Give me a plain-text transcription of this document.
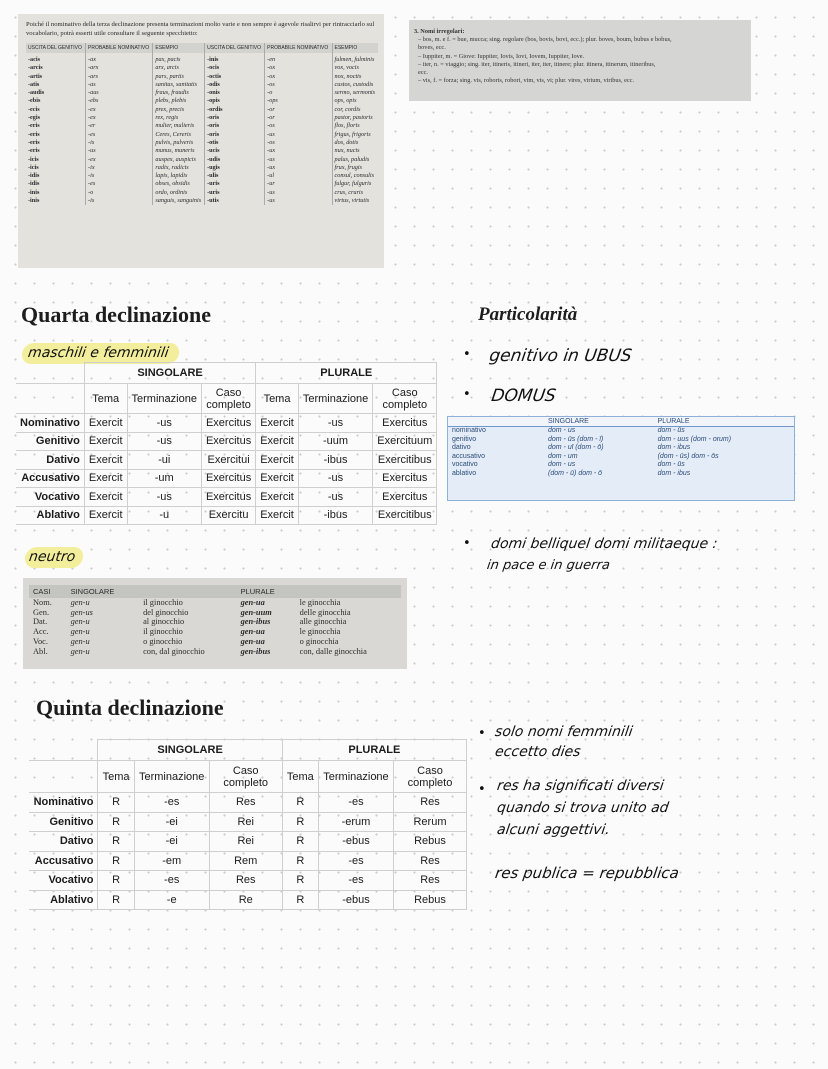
Poiché il nominativo della terza declinazione presenta terminazioni molto varie e non sempre è agevole risalirvi per rintracciarlo sul vocabolario, potrà esserti utile consultare il seguente specchietto:

USCITA DEL GENITIVO	PROBABILE NOMINATIVO	ESEMPIO	USCITA DEL GENITIVO	PROBABILE NOMINATIVO	ESEMPIO
-acis	-ax	pax, pacis	-inis	-en	fulmen, fulminis
-arcis	-arx	arx, arcis	-ocis	-ox	vox, vocis
-artis	-ars	pars, partis	-octis	-ox	nox, noctis
-atis	-as	sanitas, sanitatis	-odis	-os	custos, custodis
-audis	-aus	fraus, fraudis	-onis	-o	sermo, sermonis
-ebis	-ebs	plebs, plebis	-opis	-ops	ops, opis
-ecis	-ex	prex, precis	-ordis	-or	cor, cordis
-egis	-ex	rex, regis	-oris	-or	pastor, pastoris
-eris	-er	mulier, mulieris	-oris	-os	flos, floris
-eris	-es	Ceres, Cereris	-oris	-us	frigus, frigoris
-eris	-is	pulvis, pulveris	-otis	-os	dos, dotis
-eris	-us	munus, muneris	-ucis	-ux	nux, nucis
-icis	-ex	auspex, auspicis	-udis	-us	palus, paludis
-icis	-ix	radix, radicis	-ugis	-ux	frux, frugis
-idis	-is	lapis, lapidis	-ulis	-ul	consul, consulis
-idis	-es	obses, obsidis	-uris	-ur	fulgur, fulguris
-inis	-o	ordo, ordinis	-uris	-us	crus, cruris
-inis	-is	sanguis, sanguinis	-utis	-us	virtus, virtutis
3. Nomi irregolari:
– bos, m. e f. = bue, mucca; sing. regolare (bos, bovis, bovi, ecc.); plur. boves, boum, bubus e bobus,
boves, ecc.
– Iuppiter, m. = Giove: Iuppiter, Iovis, Iovi, Iovem, Iuppiter, Iove.
– iter, n. = viaggio; sing. iter, itineris, itineri, iter, iter, itinere; plur. itinera, itinerum, itineribus,
ecc.
– vis, f. = forza; sing. vis, roboris, robori, vim, vis, vi; plur. vires, virium, viribus, ecc.
Quarta declinazione
maschili e femminili
	SINGOLARE			PLURALE		
	Tema	Terminazione	Caso completo	Tema	Terminazione	Caso completo
Nominativo	Exercit	-us	Exercitus	Exercit	-us	Exercitus
Genitivo	Exercit	-us	Exercitus	Exercit	-uum	Exercituum
Dativo	Exercit	-ui	Exercitui	Exercit	-ibus	Exercitibus
Accusativo	Exercit	-um	Exercitus	Exercit	-us	Exercitus
Vocativo	Exercit	-us	Exercitus	Exercit	-us	Exercitus
Ablativo	Exercit	-u	Exercitu	Exercit	-ibus	Exercitibus
neutro
CASI	SINGOLARE		PLURALE	
Nom.	gen-u	il ginocchio	gen-ua	le ginocchia
Gen.	gen-us	del ginocchio	gen-uum	delle ginocchia
Dat.	gen-u	al ginocchio	gen-ibus	alle ginocchia
Acc.	gen-u	il ginocchio	gen-ua	le ginocchia
Voc.	gen-u	o ginocchio	gen-ua	o ginocchia
Abl.	gen-u	con, dal ginocchio	gen-ibus	con, dalle ginocchia
Particolarità
• genitivo in UBUS
• DOMUS
	SINGOLARE	PLURALE
nominativo	dom - us	dom - ūs
genitivo	dom - ūs (dom - ī)	dom - uus (dom - orum)
dativo	dom - uī (dom - ō)	dom - ibus
accusativo	dom - um	(dom - ūs) dom - ōs
vocativo	dom - us	dom - ūs
ablativo	(dom - ū) dom - ō	dom - ibus
• domi belliquel domi militaeque :
in pace e in guerra
Quinta declinazione
	SINGOLARE			PLURALE		
	Tema	Terminazione	Caso completo	Tema	Terminazione	Caso completo
Nominativo	R	-es	Res	R	-es	Res
Genitivo	R	-ei	Rei	R	-erum	Rerum
Dativo	R	-ei	Rei	R	-ebus	Rebus
Accusativo	R	-em	Rem	R	-es	Res
Vocativo	R	-es	Res	R	-es	Res
Ablativo	R	-e	Re	R	-ebus	Rebus
• solo nomi femminili
eccetto dies
• res ha significati diversi
quando si trova unito ad
alcuni aggettivi.
res publica = repubblica
